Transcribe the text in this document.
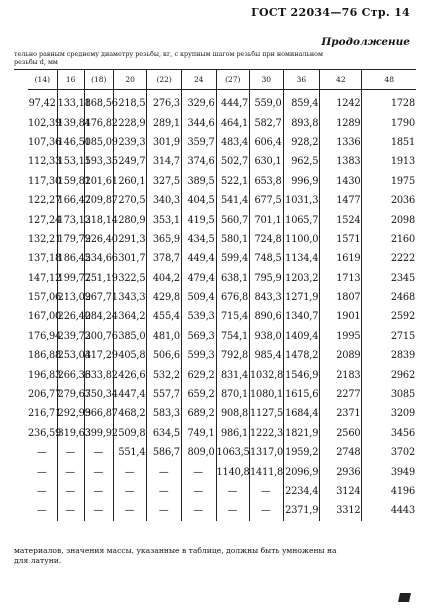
ГОСТ 22034—76 Стр. 14
Продолжение
тельно равным среднему диаметру резьбы, кг, с крупным шагом резьбы при номинальном
резьбы d, мм
(14)	16	(18)	20	(22)	24	(27)	30	36	42	48
97,42	133,18	168,56	218,5	276,3	329,6	444,7	559,0	859,4	1242	1728
102,39	139,84	176,82	228,9	289,1	344,6	464,1	582,7	893,8	1289	1790
107,36	146,50	185,09	239,3	301,9	359,7	483,4	606,4	928,2	1336	1851
112,33	153,15	193,35	249,7	314,7	374,6	502,7	630,1	962,5	1383	1913
117,30	159,81	201,61	260,1	327,5	389,5	522,1	653,8	996,9	1430	1975
122,27	166,47	209,87	270,5	340,3	404,5	541,4	677,5	1031,3	1477	2036
127,24	173,13	218,14	280,9	353,1	419,5	560,7	701,1	1065,7	1524	2098
132,21	179,79	226,40	291,3	365,9	434,5	580,1	724,8	1100,0	1571	2160
137,18	186,45	234,66	301,7	378,7	449,4	599,4	748,5	1134,4	1619	2222
147,12	199,77	251,19	322,5	404,2	479,4	638,1	795,9	1203,2	1713	2345
157,06	213,09	267,71	343,3	429,8	509,4	676,8	843,3	1271,9	1807	2468
167,00	226,40	284,24	364,2	455,4	539,3	715,4	890,6	1340,7	1901	2592
176,94	239,72	300,76	385,0	481,0	569,3	754,1	938,0	1409,4	1995	2715
186,88	253,04	317,29	405,8	506,6	599,3	792,8	985,4	1478,2	2089	2839
196,83	266,36	333,82	426,6	532,2	629,2	831,4	1032,8	1546,9	2183	2962
206,77	279,67	350,34	447,4	557,7	659,2	870,1	1080,1	1615,6	2277	3085
216,71	292,99	366,87	468,2	583,3	689,2	908,8	1127,5	1684,4	2371	3209
236,59	319,63	399,92	509,8	634,5	749,1	986,1	1222,3	1821,9	2560	3456
—	—	—	551,4	586,7	809,0	1063,5	1317,0	1959,2	2748	3702
—	—	—	—	—	—	1140,8	1411,8	2096,9	2936	3949
—	—	—	—	—	—	—	—	2234,4	3124	4196
—	—	—	—	—	—	—	—	2371,9	3312	4443
материалов, значения массы, указанные в таблице, должны быть умножены на
для латуни.
